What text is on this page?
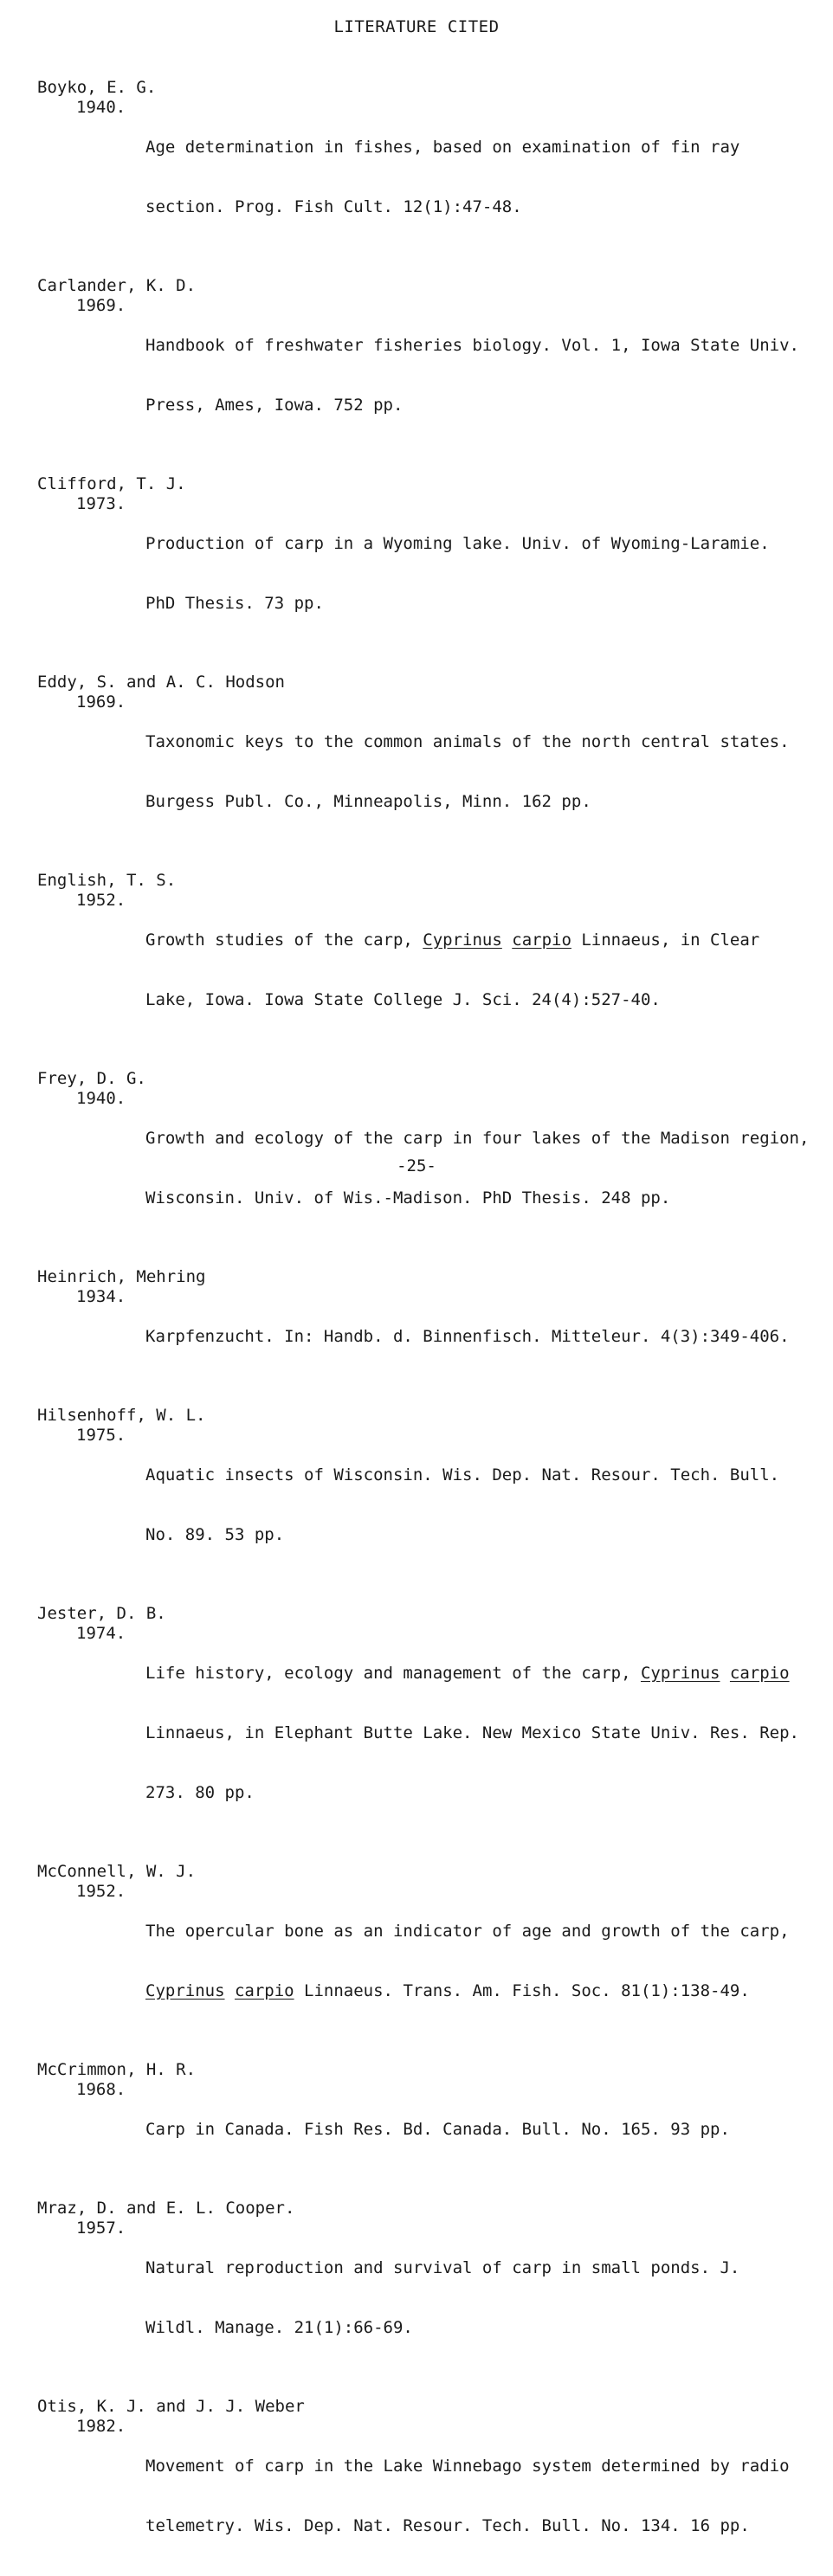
LITERATURE CITED
Boyko, E. G.
1940.

Age determination in fishes, based on examination of fin ray

section. Prog. Fish Cult. 12(1):47-48.

Carlander, K. D.
1969.

Handbook of freshwater fisheries biology. Vol. 1, Iowa State Univ.

Press, Ames, Iowa. 752 pp.

Clifford, T. J.
1973.

Production of carp in a Wyoming lake. Univ. of Wyoming-Laramie.

PhD Thesis. 73 pp.

Eddy, S. and A. C. Hodson
1969.

Taxonomic keys to the common animals of the north central states.

Burgess Publ. Co., Minneapolis, Minn. 162 pp.

English, T. S.
1952.

Growth studies of the carp, Cyprinus carpio Linnaeus, in Clear

Lake, Iowa. Iowa State College J. Sci. 24(4):527-40.

Frey, D. G.
1940.

Growth and ecology of the carp in four lakes of the Madison region,

Wisconsin. Univ. of Wis.-Madison. PhD Thesis. 248 pp.

Heinrich, Mehring
1934.

Karpfenzucht. In: Handb. d. Binnenfisch. Mitteleur. 4(3):349-406.

Hilsenhoff, W. L.
1975.

Aquatic insects of Wisconsin. Wis. Dep. Nat. Resour. Tech. Bull.

No. 89. 53 pp.

Jester, D. B.
1974.

Life history, ecology and management of the carp, Cyprinus carpio

Linnaeus, in Elephant Butte Lake. New Mexico State Univ. Res. Rep.

273. 80 pp.

McConnell, W. J.
1952.

The opercular bone as an indicator of age and growth of the carp,

Cyprinus carpio Linnaeus. Trans. Am. Fish. Soc. 81(1):138-49.

McCrimmon, H. R.
1968.

Carp in Canada. Fish Res. Bd. Canada. Bull. No. 165. 93 pp.

Mraz, D. and E. L. Cooper.
1957.

Natural reproduction and survival of carp in small ponds. J.

Wildl. Manage. 21(1):66-69.

Otis, K. J. and J. J. Weber
1982.

Movement of carp in the Lake Winnebago system determined by radio

telemetry. Wis. Dep. Nat. Resour. Tech. Bull. No. 134. 16 pp.

-25-
